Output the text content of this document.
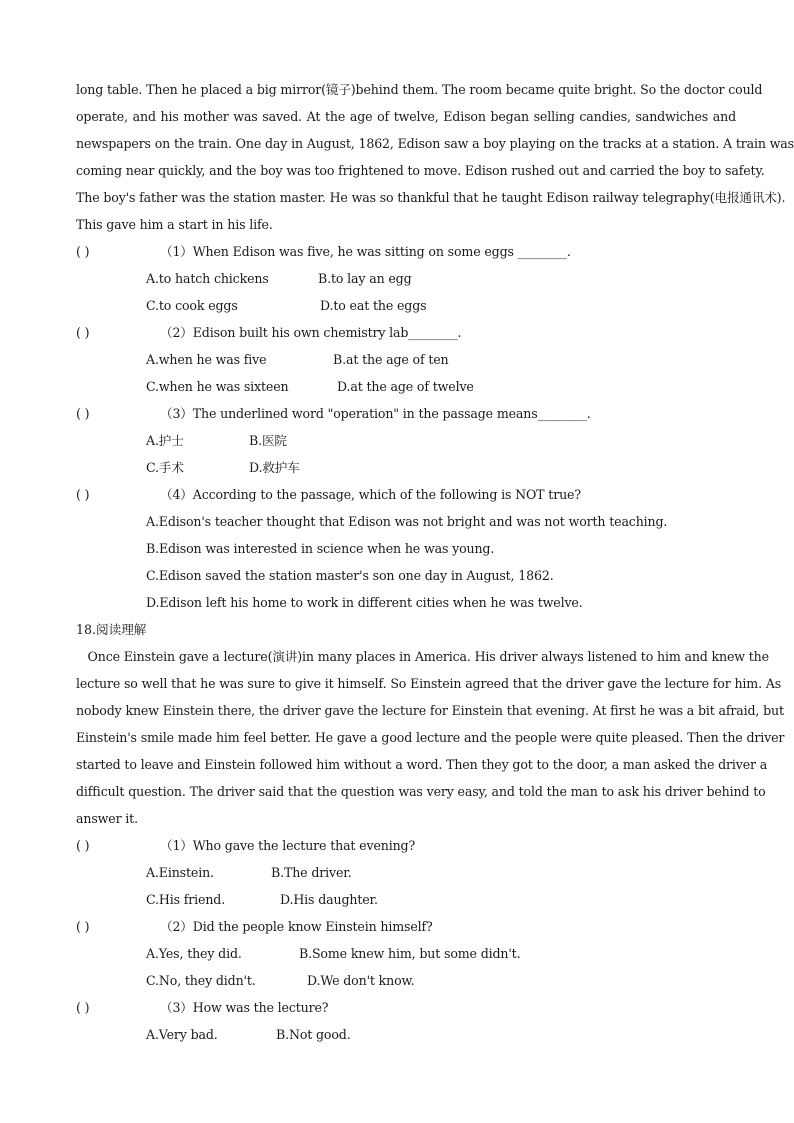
long table. Then he placed a big mirror(镜子)behind them. The room became quite bright. So the doctor could
operate, and his mother was saved. At the age of twelve, Edison began selling candies, sandwiches and
newspapers on the train. One day in August, 1862, Edison saw a boy playing on the tracks at a station. A train was
coming near quickly, and the boy was too frightened to move. Edison rushed out and carried the boy to safety.
The boy's father was the station master. He was so thankful that he taught Edison railway telegraphy(电报通讯术).
This gave him a start in his life.
( )	（1）When Edison was five, he was sitting on some eggs ________.
A.to hatch chickens	B.to lay an egg
C.to cook eggs	D.to eat the eggs
( )	（2）Edison built his own chemistry lab________.
A.when he was five	B.at the age of ten
C.when he was sixteen	D.at the age of twelve
( )	（3）The underlined word "operation" in the passage means________.
A.护士	B.医院
C.手术	D.救护车
( )	（4）According to the passage, which of the following is NOT true?
A.Edison's teacher thought that Edison was not bright and was not worth teaching.
B.Edison was interested in science when he was young.
C.Edison saved the station master's son one day in August, 1862.
D.Edison left his home to work in different cities when he was twelve.
18.阅读理解
Once Einstein gave a lecture(演讲)in many places in America. His driver always listened to him and knew the
lecture so well that he was sure to give it himself. So Einstein agreed that the driver gave the lecture for him. As
nobody knew Einstein there, the driver gave the lecture for Einstein that evening. At first he was a bit afraid, but
Einstein's smile made him feel better. He gave a good lecture and the people were quite pleased. Then the driver
started to leave and Einstein followed him without a word. Then they got to the door, a man asked the driver a
difficult question. The driver said that the question was very easy, and told the man to ask his driver behind to
answer it.
( )	（1）Who gave the lecture that evening?
A.Einstein.	B.The driver.
C.His friend.	D.His daughter.
( )	（2）Did the people know Einstein himself?
A.Yes, they did.	B.Some knew him, but some didn't.
C.No, they didn't.	D.We don't know.
( )	（3）How was the lecture?
A.Very bad.	B.Not good.
